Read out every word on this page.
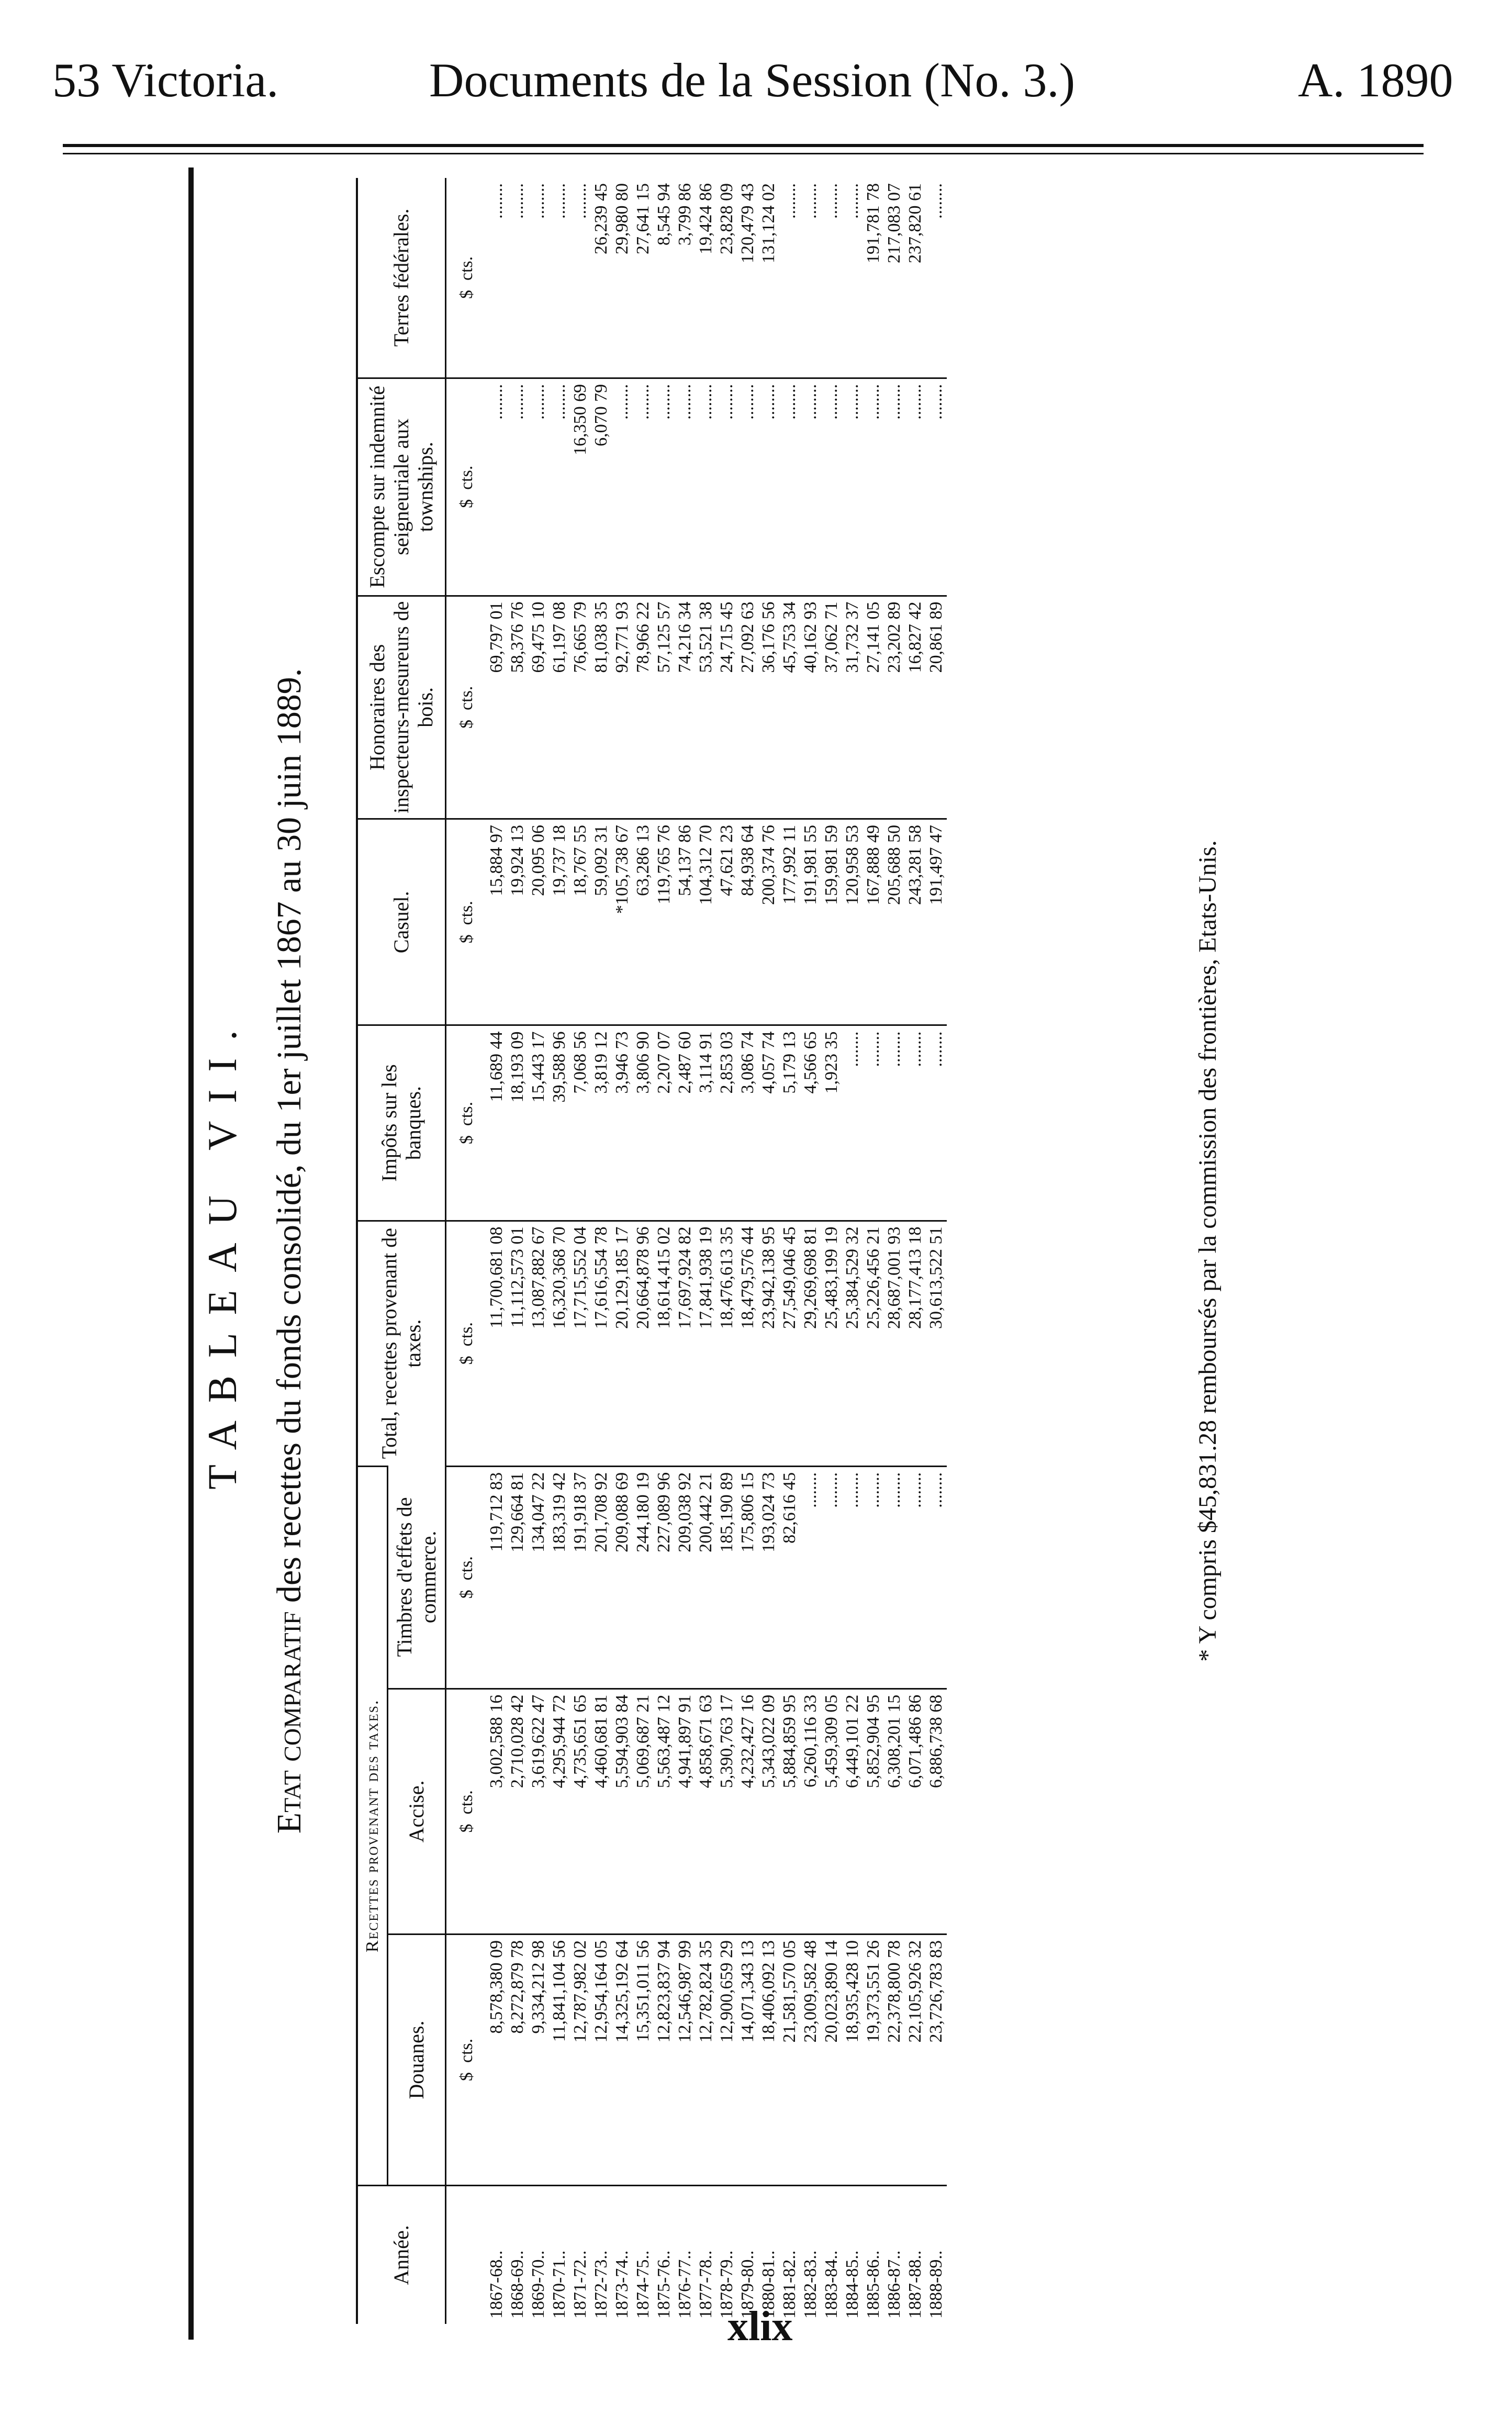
53 Victoria.	Documents de la Session (No. 3.)	A. 1890
TABLEAU VII.
Etat comparatif des recettes du fonds consolidé, du 1er juillet 1867 au 30 juin 1889.
Année.	Recettes provenant des taxes.			Total, recettes provenant de taxes.	Impôts sur les banques.	Casuel.	Honoraires des inspecteurs-mesureurs de bois.	Escompte sur indemnité seigneuriale aux townships.	Terres fédérales.
	Douanes.	Accise.	Timbres d'effets de commerce.						
	$cts.	$cts.	$cts.	$cts.	$cts.	$cts.	$cts.	$cts.	$cts.
1867-68..	8,578,380 09	3,002,588 16	119,712 83	11,700,681 08	11,689 44	15,884 97	69,797 01	........	........
1868-69..	8,272,879 78	2,710,028 42	129,664 81	11,112,573 01	18,193 09	19,924 13	58,376 76	........	........
1869-70..	9,334,212 98	3,619,622 47	134,047 22	13,087,882 67	15,443 17	20,095 06	69,475 10	........	........
1870-71..	11,841,104 56	4,295,944 72	183,319 42	16,320,368 70	39,588 96	19,737 18	61,197 08	........	........
1871-72..	12,787,982 02	4,735,651 65	191,918 37	17,715,552 04	7,068 56	18,767 55	76,665 79	16,350 69	........
1872-73..	12,954,164 05	4,460,681 81	201,708 92	17,616,554 78	3,819 12	59,092 31	81,038 35	6,070 79	26,239 45
1873-74..	14,325,192 64	5,594,903 84	209,088 69	20,129,185 17	3,946 73	*105,738 67	92,771 93	........	29,980 80
1874-75..	15,351,011 56	5,069,687 21	244,180 19	20,664,878 96	3,806 90	63,286 13	78,966 22	........	27,641 15
1875-76..	12,823,837 94	5,563,487 12	227,089 96	18,614,415 02	2,207 07	119,765 76	57,125 57	........	8,545 94
1876-77..	12,546,987 99	4,941,897 91	209,038 92	17,697,924 82	2,487 60	54,137 86	74,216 34	........	3,799 86
1877-78..	12,782,824 35	4,858,671 63	200,442 21	17,841,938 19	3,114 91	104,312 70	53,521 38	........	19,424 86
1878-79..	12,900,659 29	5,390,763 17	185,190 89	18,476,613 35	2,853 03	47,621 23	24,715 45	........	23,828 09
1879-80..	14,071,343 13	4,232,427 16	175,806 15	18,479,576 44	3,086 74	84,938 64	27,092 63	........	120,479 43
1880-81..	18,406,092 13	5,343,022 09	193,024 73	23,942,138 95	4,057 74	200,374 76	36,176 56	........	131,124 02
1881-82..	21,581,570 05	5,884,859 95	82,616 45	27,549,046 45	5,179 13	177,992 11	45,753 34	........	........
1882-83..	23,009,582 48	6,260,116 33	........	29,269,698 81	4,566 65	191,981 55	40,162 93	........	........
1883-84..	20,023,890 14	5,459,309 05	........	25,483,199 19	1,923 35	159,981 59	37,062 71	........	........
1884-85..	18,935,428 10	6,449,101 22	........	25,384,529 32	........	120,958 53	31,732 37	........	........
1885-86..	19,373,551 26	5,852,904 95	........	25,226,456 21	........	167,888 49	27,141 05	........	191,781 78
1886-87..	22,378,800 78	6,308,201 15	........	28,687,001 93	........	205,688 50	23,202 89	........	217,083 07
1887-88..	22,105,926 32	6,071,486 86	........	28,177,413 18	........	243,281 58	16,827 42	........	237,820 61
1888-89..	23,726,783 83	6,886,738 68	........	30,613,522 51	........	191,497 47	20,861 89	........	........
* Y compris $45,831.28 remboursés par la commission des frontières, Etats-Unis.
xlix
